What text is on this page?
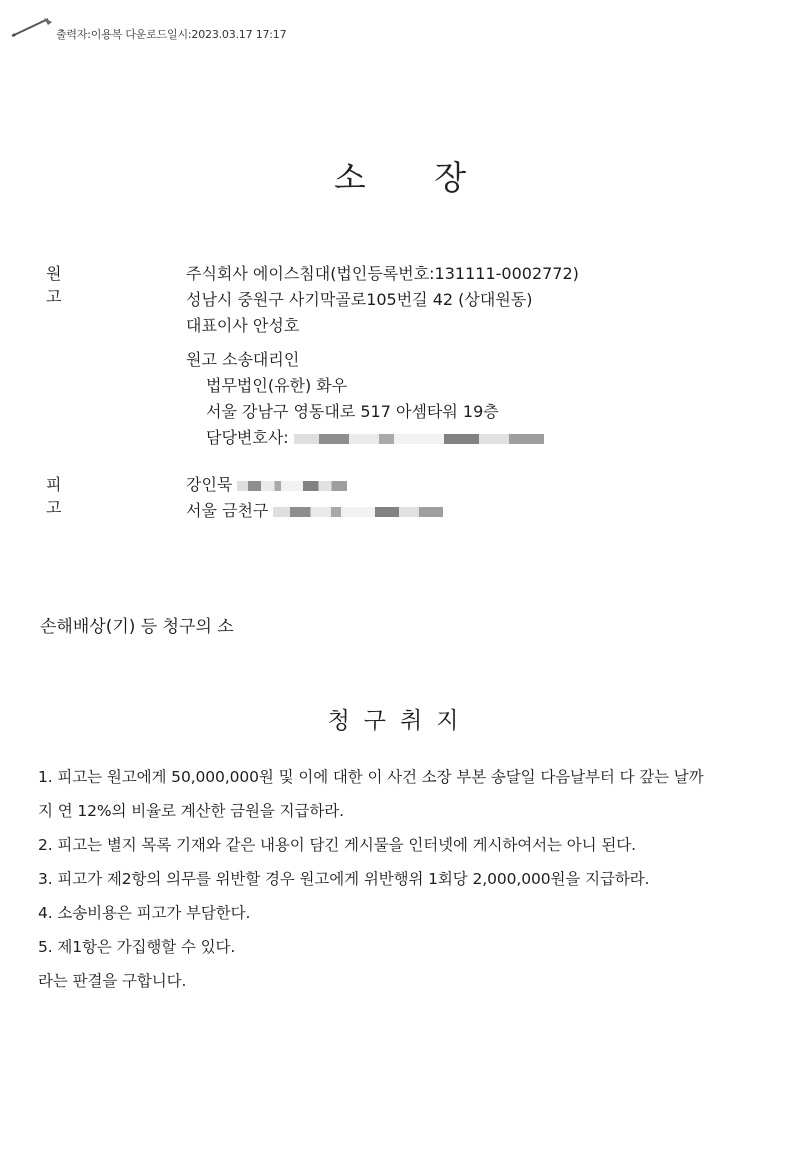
출력자:이용복 다운로드일시:2023.03.17 17:17
소 장
원고
주식회사 에이스침대(법인등록번호:131111-0002772)
성남시 중원구 사기막골로105번길 42 (상대원동)
대표이사 안성호
원고 소송대리인
법무법인(유한) 화우
서울 강남구 영동대로 517 아셈타워 19층
담당변호사:
피고
강인묵
서울 금천구
손해배상(기) 등 청구의 소
청구취지
1. 피고는 원고에게 50,000,000원 및 이에 대한 이 사건 소장 부본 송달일 다음날부터 다 갚는 날까
지 연 12%의 비율로 계산한 금원을 지급하라.
2. 피고는 별지 목록 기재와 같은 내용이 담긴 게시물을 인터넷에 게시하여서는 아니 된다.
3. 피고가 제2항의 의무를 위반할 경우 원고에게 위반행위 1회당 2,000,000원을 지급하라.
4. 소송비용은 피고가 부담한다.
5. 제1항은 가집행할 수 있다.
라는 판결을 구합니다.
